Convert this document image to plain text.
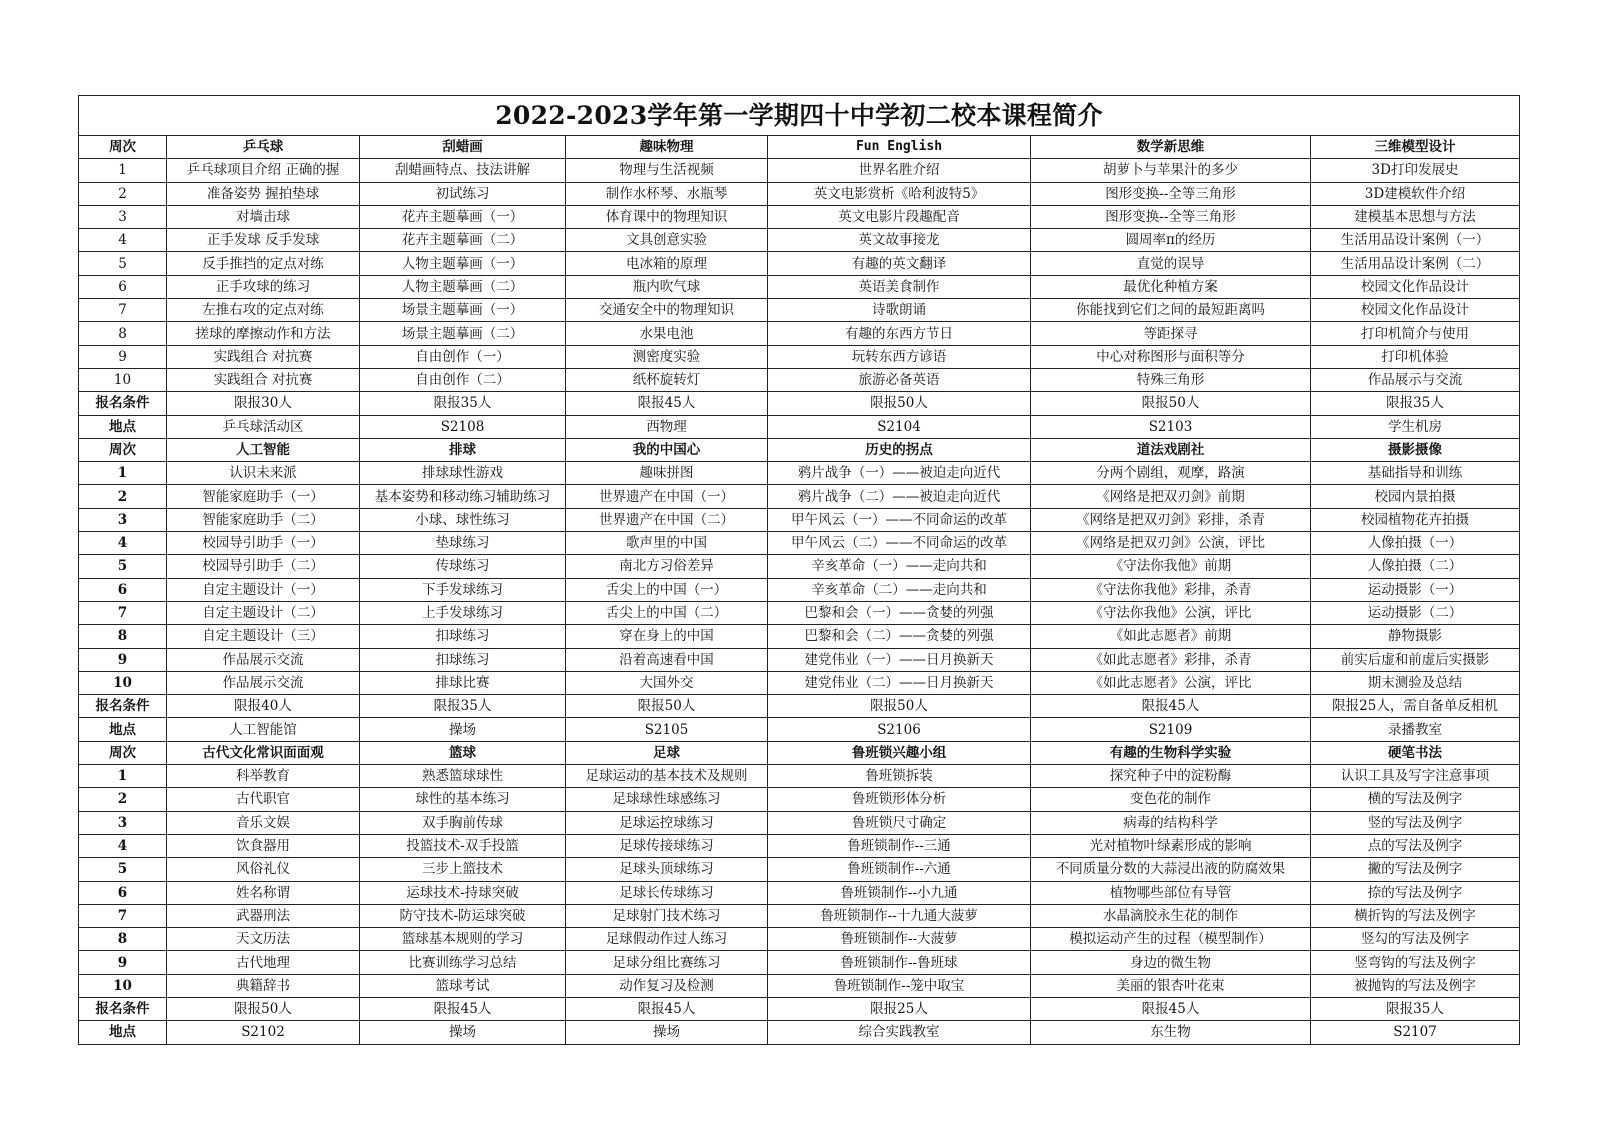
2022-2023学年第一学期四十中学初二校本课程简介						
周次	乒乓球	刮蜡画	趣味物理	Fun English	数学新思维	三维模型设计
1	乒乓球项目介绍 正确的握	刮蜡画特点、技法讲解	物理与生活视频	世界名胜介绍	胡萝卜与苹果汁的多少	3D打印发展史
2	准备姿势 握拍垫球	初试练习	制作水杯琴、水瓶琴	英文电影赏析《哈利波特5》	图形变换--全等三角形	3D建模软件介绍
3	对墙击球	花卉主题摹画（一）	体育课中的物理知识	英文电影片段趣配音	图形变换--全等三角形	建模基本思想与方法
4	正手发球 反手发球	花卉主题摹画（二）	文具创意实验	英文故事接龙	圆周率π的经历	生活用品设计案例（一）
5	反手推挡的定点对练	人物主题摹画（一）	电冰箱的原理	有趣的英文翻译	直觉的误导	生活用品设计案例（二）
6	正手攻球的练习	人物主题摹画（二）	瓶内吹气球	英语美食制作	最优化种植方案	校园文化作品设计
7	左推右攻的定点对练	场景主题摹画（一）	交通安全中的物理知识	诗歌朗诵	你能找到它们之间的最短距离吗	校园文化作品设计
8	搓球的摩擦动作和方法	场景主题摹画（二）	水果电池	有趣的东西方节日	等距探寻	打印机简介与使用
9	实践组合 对抗赛	自由创作（一）	测密度实验	玩转东西方谚语	中心对称图形与面积等分	打印机体验
10	实践组合 对抗赛	自由创作（二）	纸杯旋转灯	旅游必备英语	特殊三角形	作品展示与交流
报名条件	限报30人	限报35人	限报45人	限报50人	限报50人	限报35人
地点	乒乓球活动区	S2108	西物理	S2104	S2103	学生机房
周次	人工智能	排球	我的中国心	历史的拐点	道法戏剧社	摄影摄像
1	认识未来派	排球球性游戏	趣味拼图	鸦片战争（一）——被迫走向近代	分两个剧组，观摩，路演	基础指导和训练
2	智能家庭助手（一）	基本姿势和移动练习辅助练习	世界遗产在中国（一）	鸦片战争（二）——被迫走向近代	《网络是把双刃剑》前期	校园内景拍摄
3	智能家庭助手（二）	小球、球性练习	世界遗产在中国（二）	甲午风云（一）——不同命运的改革	《网络是把双刃剑》彩排，杀青	校园植物花卉拍摄
4	校园导引助手（一）	垫球练习	歌声里的中国	甲午风云（二）——不同命运的改革	《网络是把双刃剑》公演，评比	人像拍摄（一）
5	校园导引助手（二）	传球练习	南北方习俗差异	辛亥革命（一）——走向共和	《守法你我他》前期	人像拍摄（二）
6	自定主题设计（一）	下手发球练习	舌尖上的中国（一）	辛亥革命（二）——走向共和	《守法你我他》彩排，杀青	运动摄影（一）
7	自定主题设计（二）	上手发球练习	舌尖上的中国（二）	巴黎和会（一）——贪婪的列强	《守法你我他》公演，评比	运动摄影（二）
8	自定主题设计（三）	扣球练习	穿在身上的中国	巴黎和会（二）——贪婪的列强	《如此志愿者》前期	静物摄影
9	作品展示交流	扣球练习	沿着高速看中国	建党伟业（一）——日月换新天	《如此志愿者》彩排，杀青	前实后虚和前虚后实摄影
10	作品展示交流	排球比赛	大国外交	建党伟业（二）——日月换新天	《如此志愿者》公演，评比	期末测验及总结
报名条件	限报40人	限报35人	限报50人	限报50人	限报45人	限报25人，需自备单反相机
地点	人工智能馆	操场	S2105	S2106	S2109	录播教室
周次	古代文化常识面面观	篮球	足球	鲁班锁兴趣小组	有趣的生物科学实验	硬笔书法
1	科举教育	熟悉篮球球性	足球运动的基本技术及规则	鲁班锁拆装	探究种子中的淀粉酶	认识工具及写字注意事项
2	古代职官	球性的基本练习	足球球性球感练习	鲁班锁形体分析	变色花的制作	横的写法及例字
3	音乐文娱	双手胸前传球	足球运控球练习	鲁班锁尺寸确定	病毒的结构科学	竖的写法及例字
4	饮食器用	投篮技术-双手投篮	足球传接球练习	鲁班锁制作--三通	光对植物叶绿素形成的影响	点的写法及例字
5	风俗礼仪	三步上篮技术	足球头顶球练习	鲁班锁制作--六通	不同质量分数的大蒜浸出液的防腐效果	撇的写法及例字
6	姓名称谓	运球技术-持球突破	足球长传球练习	鲁班锁制作--小九通	植物哪些部位有导管	捺的写法及例字
7	武器刑法	防守技术-防运球突破	足球射门技术练习	鲁班锁制作--十九通大菠萝	水晶滴胶永生花的制作	横折钩的写法及例字
8	天文历法	篮球基本规则的学习	足球假动作过人练习	鲁班锁制作--大菠萝	模拟运动产生的过程（模型制作）	竖勾的写法及例字
9	古代地理	比赛训练学习总结	足球分组比赛练习	鲁班锁制作--鲁班球	身边的微生物	竖弯钩的写法及例字
10	典籍辞书	篮球考试	动作复习及检测	鲁班锁制作--笼中取宝	美丽的银杏叶花束	被抛钩的写法及例字
报名条件	限报50人	限报45人	限报45人	限报25人	限报45人	限报35人
地点	S2102	操场	操场	综合实践教室	东生物	S2107
